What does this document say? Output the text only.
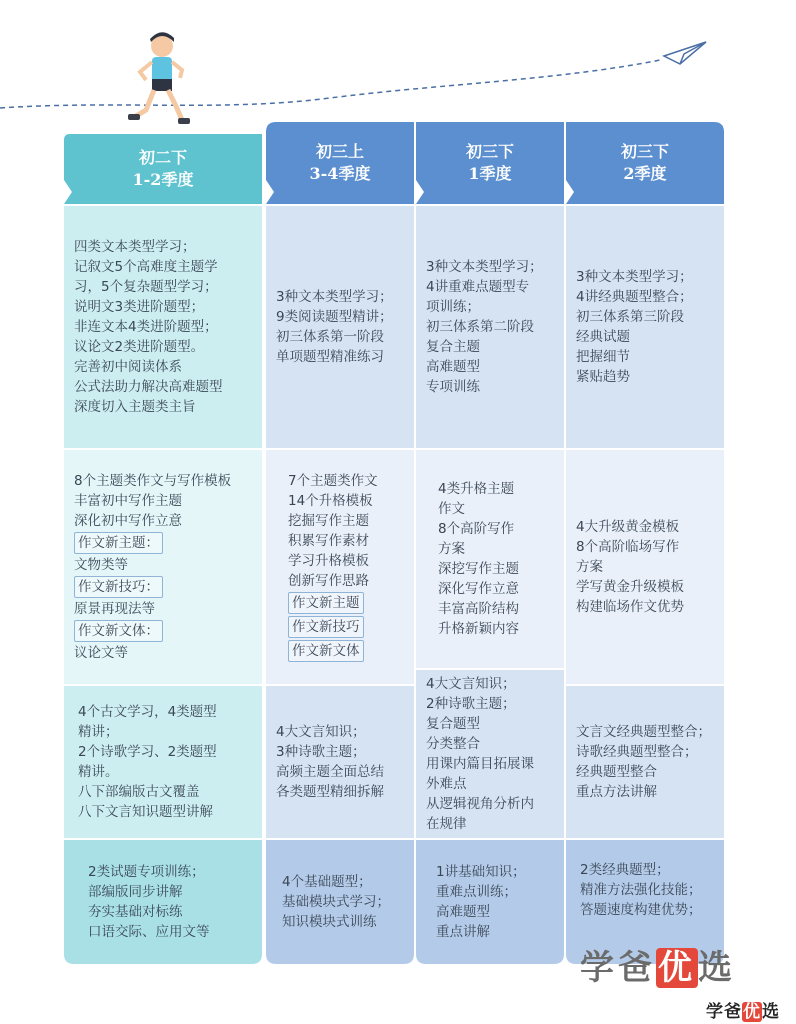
初二下
1-2季度
初三上
3-4季度
初三下
1季度
初三下
2季度

四类文本类型学习；

记叙文5个高难度主题学

习，5个复杂题型学习；

说明文3类进阶题型；

非连文本4类进阶题型；

议论文2类进阶题型。

完善初中阅读体系

公式法助力解决高难题型

深度切入主题类主旨

3种文本类型学习；

9类阅读题型精讲；

初三体系第一阶段

单项题型精准练习

3种文本类型学习；

4讲重难点题型专

项训练；

初三体系第二阶段

复合主题

高难题型

专项训练

3种文本类型学习；

4讲经典题型整合；

初三体系第三阶段

经典试题

把握细节

紧贴趋势

8个主题类作文与写作模板

丰富初中写作主题

深化初中写作立意

作文新主题：

文物类等

作文新技巧：

原景再现法等

作文新文体：

议论文等

7个主题类作文

14个升格模板

挖掘写作主题

积累写作素材

学习升格模板

创新写作思路

作文新主题

作文新技巧

作文新文体

4类升格主题

作文

8个高阶写作

方案

深挖写作主题

深化写作立意

丰富高阶结构

升格新颖内容

4大升级黄金模板

8个高阶临场写作

方案

学写黄金升级模板

构建临场作文优势

4个古文学习，4类题型

精讲；

2个诗歌学习、2类题型

精讲。

八下部编版古文覆盖

八下文言知识题型讲解

4大文言知识；

3种诗歌主题；

高频主题全面总结

各类题型精细拆解

4大文言知识；

2种诗歌主题；

复合题型

分类整合

用课内篇目拓展课

外难点

从逻辑视角分析内

在规律

文言文经典题型整合；

诗歌经典题型整合；

经典题型整合

重点方法讲解

2类试题专项训练；

部编版同步讲解

夯实基础对标练

口语交际、应用文等

4个基础题型；

基础模块式学习；

知识模块式训练

1讲基础知识；

重难点训练；

高难题型

重点讲解

2类经典题型；

精准方法强化技能；

答题速度构建优势；

学爸优选
学爸优选
